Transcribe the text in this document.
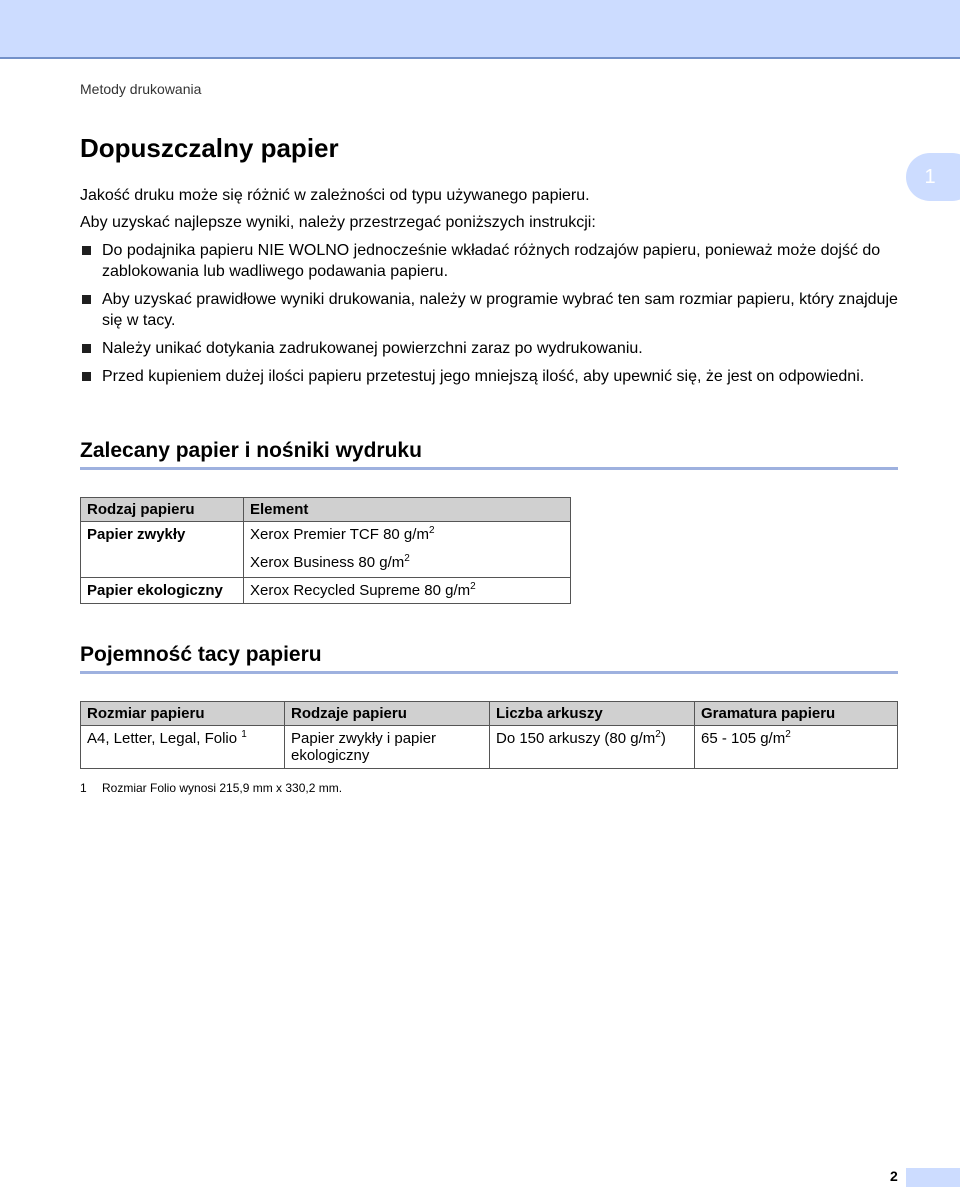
Metody drukowania
1
Dopuszczalny papier
Jakość druku może się różnić w zależności od typu używanego papieru.
Aby uzyskać najlepsze wyniki, należy przestrzegać poniższych instrukcji:
Do podajnika papieru NIE WOLNO jednocześnie wkładać różnych rodzajów papieru, ponieważ może dojść do zablokowania lub wadliwego podawania papieru.
Aby uzyskać prawidłowe wyniki drukowania, należy w programie wybrać ten sam rozmiar papieru, który znajduje się w tacy.
Należy unikać dotykania zadrukowanej powierzchni zaraz po wydrukowaniu.
Przed kupieniem dużej ilości papieru przetestuj jego mniejszą ilość, aby upewnić się, że jest on odpowiedni.
Zalecany papier i nośniki wydruku
Rodzaj papieru	Element
Papier zwykły	Xerox Premier TCF 80 $g/m^2$
	Xerox Business 80 $g/m^2$
Papier ekologiczny	Xerox Recycled Supreme 80 $g/m^2$
Pojemność tacy papieru
Rozmiar papieru	Rodzaje papieru	Liczba arkuszy	Gramatura papieru
A4, Letter, Legal, Folio $^1$	Papier zwykły i papier ekologiczny	Do 150 arkuszy (80 $g/m^2$)	65 - 105 $g/m^2$
1 Rozmiar Folio wynosi 215,9 mm x 330,2 mm.
2
